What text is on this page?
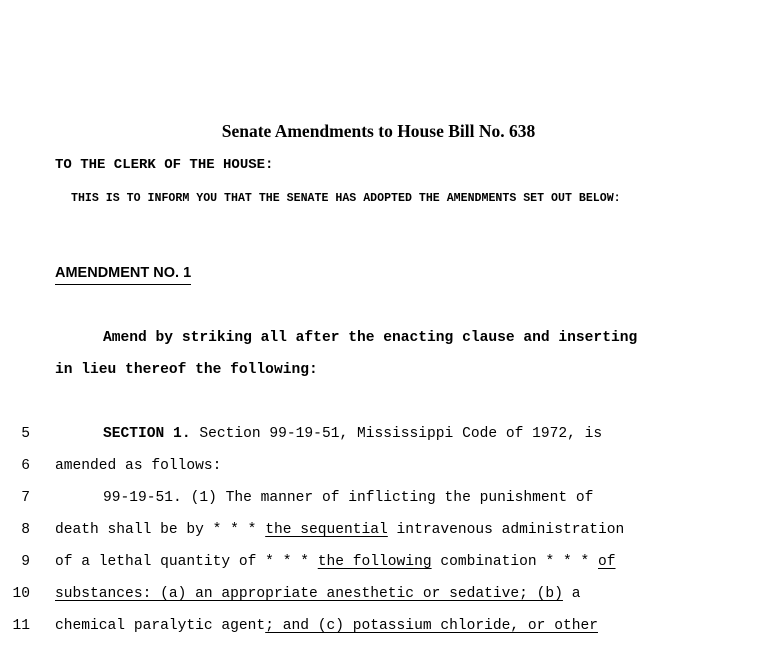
Senate Amendments to House Bill No. 638
TO THE CLERK OF THE HOUSE:
THIS IS TO INFORM YOU THAT THE SENATE HAS ADOPTED THE AMENDMENTS SET OUT BELOW:
AMENDMENT NO. 1
Amend by striking all after the enacting clause and inserting
in lieu thereof the following:
5	SECTION 1. Section 99-19-51, Mississippi Code of 1972, is
6 amended as follows:
7	99-19-51. (1) The manner of inflicting the punishment of
8 death shall be by * * * the sequential intravenous administration
9 of a lethal quantity of * * * the following combination * * * of
10 substances: (a) an appropriate anesthetic or sedative; (b) a
11 chemical paralytic agent; and (c) potassium chloride, or other
